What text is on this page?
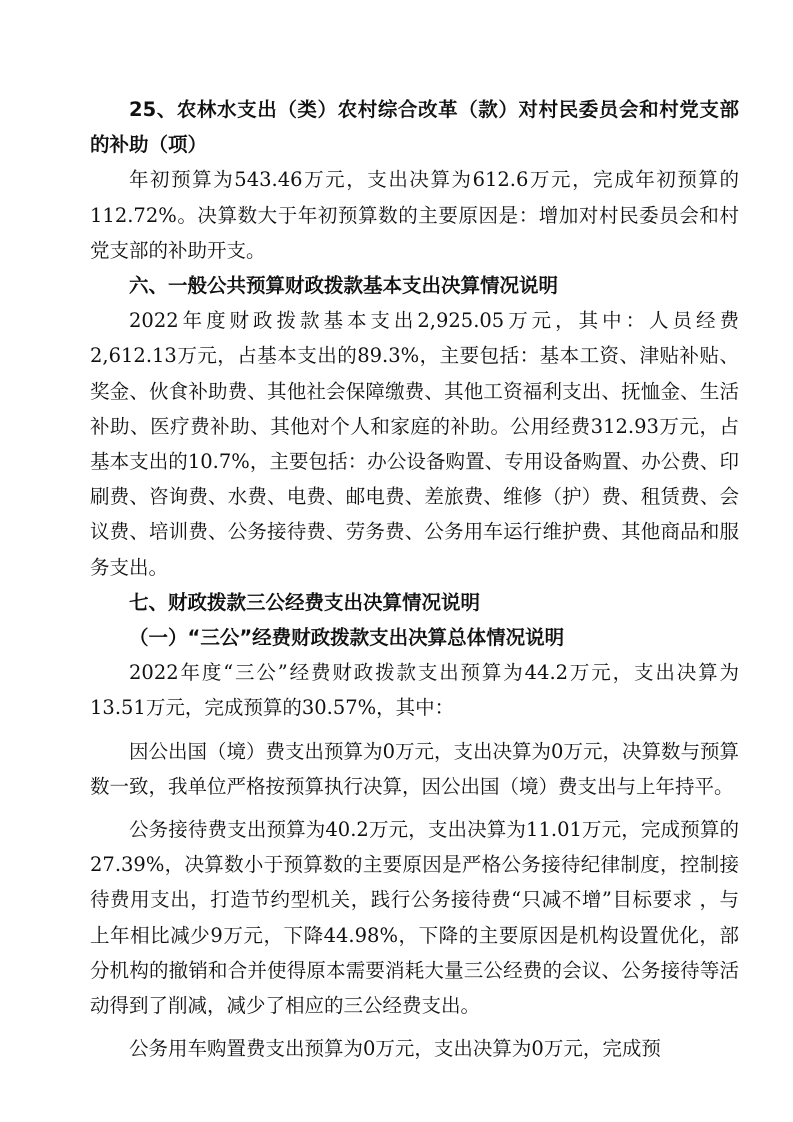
25、农林水支出（类）农村综合改革（款）对村民委员会和村党支部的补助（项）

年初预算为543.46万元，支出决算为612.6万元，完成年初预算的112.72%。决算数大于年初预算数的主要原因是：增加对村民委员会和村党支部的补助开支。

六、一般公共预算财政拨款基本支出决算情况说明

2022年度财政拨款基本支出2,925.05万元，其中：人员经费2,612.13万元，占基本支出的89.3%，主要包括：基本工资、津贴补贴、奖金、伙食补助费、其他社会保障缴费、其他工资福利支出、抚恤金、生活补助、医疗费补助、其他对个人和家庭的补助。公用经费312.93万元，占基本支出的10.7%，主要包括：办公设备购置、专用设备购置、办公费、印刷费、咨询费、水费、电费、邮电费、差旅费、维修（护）费、租赁费、会议费、培训费、公务接待费、劳务费、公务用车运行维护费、其他商品和服务支出。

七、财政拨款三公经费支出决算情况说明

（一）“三公”经费财政拨款支出决算总体情况说明

2022年度“三公”经费财政拨款支出预算为44.2万元，支出决算为13.51万元，完成预算的30.57%，其中：

因公出国（境）费支出预算为0万元，支出决算为0万元，决算数与预算数一致，我单位严格按预算执行决算，因公出国（境）费支出与上年持平。

公务接待费支出预算为40.2万元，支出决算为11.01万元，完成预算的27.39%，决算数小于预算数的主要原因是严格公务接待纪律制度，控制接待费用支出，打造节约型机关，践行公务接待费“只减不增”目标要求 ，与上年相比减少9万元，下降44.98%，下降的主要原因是机构设置优化，部分机构的撤销和合并使得原本需要消耗大量三公经费的会议、公务接待等活动得到了削减，减少了相应的三公经费支出。

公务用车购置费支出预算为0万元，支出决算为0万元，完成预
